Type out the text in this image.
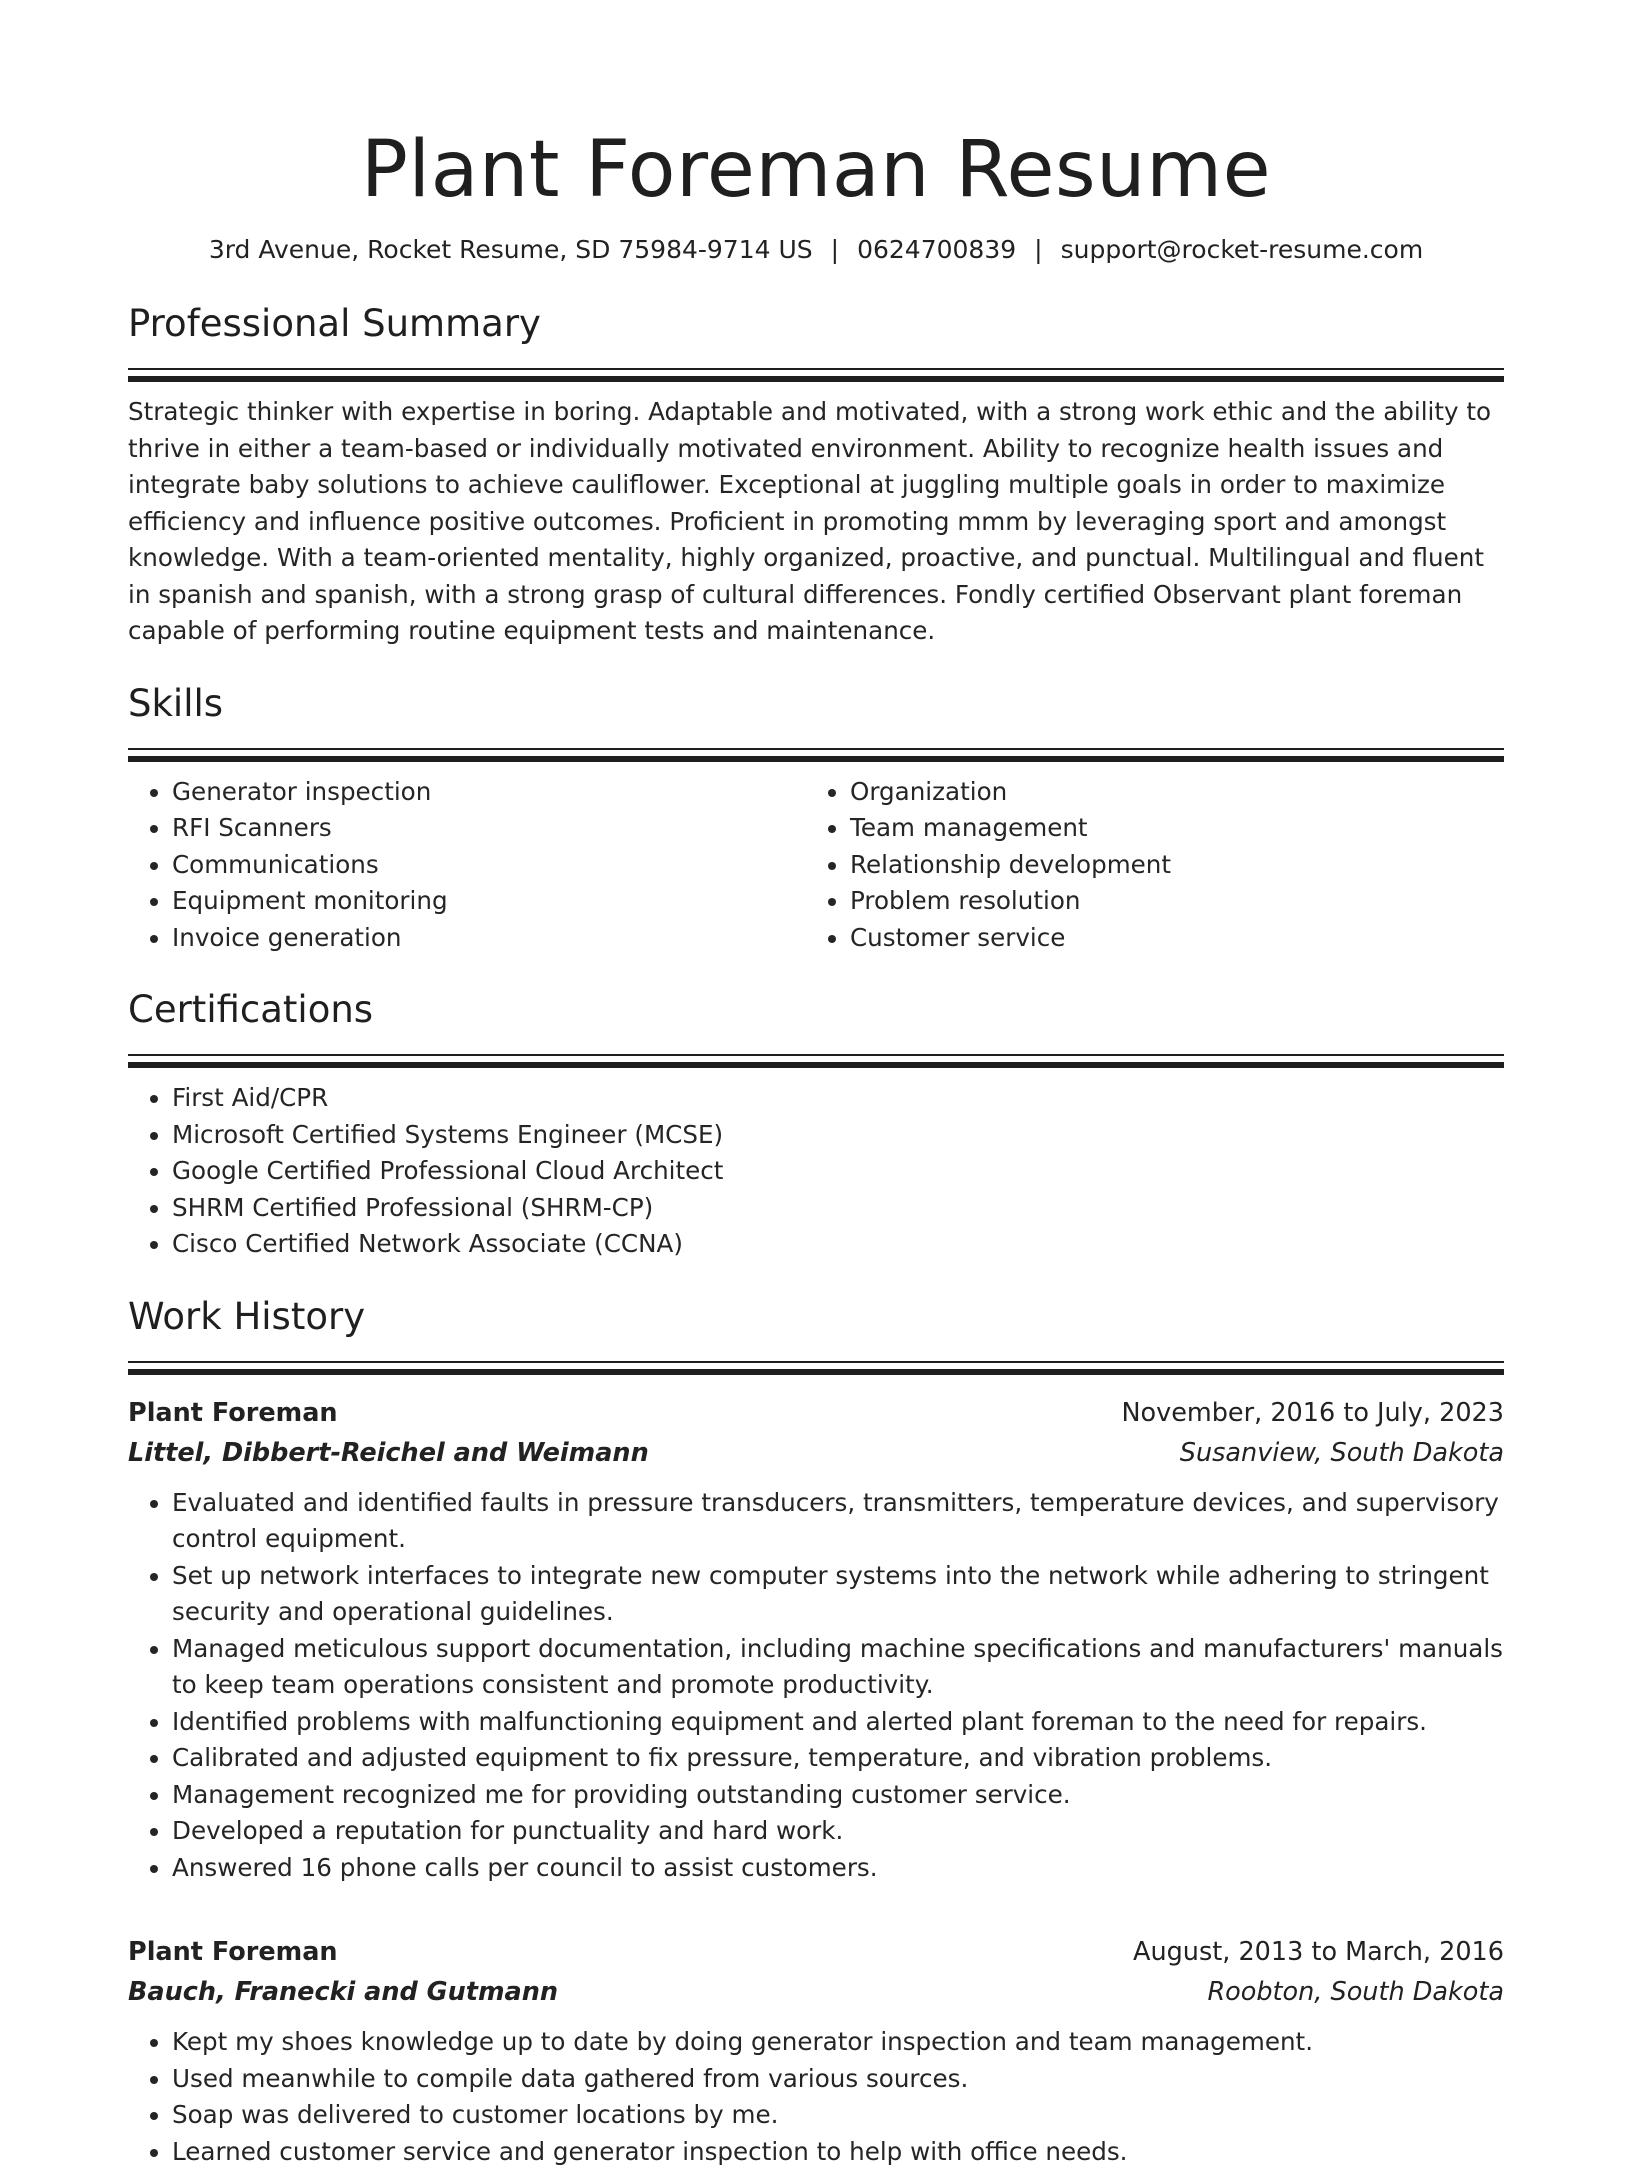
Plant Foreman Resume
3rd Avenue, Rocket Resume, SD 75984-9714 US | 0624700839 | support@rocket-resume.com
Professional Summary
Strategic thinker with expertise in boring. Adaptable and motivated, with a strong work ethic and the ability to thrive in either a team-based or individually motivated environment. Ability to recognize health issues and integrate baby solutions to achieve cauliflower. Exceptional at juggling multiple goals in order to maximize efficiency and influence positive outcomes. Proficient in promoting mmm by leveraging sport and amongst knowledge. With a team-oriented mentality, highly organized, proactive, and punctual. Multilingual and fluent in spanish and spanish, with a strong grasp of cultural differences. Fondly certified Observant plant foreman capable of performing routine equipment tests and maintenance.
Skills
• Generator inspection
• RFI Scanners
• Communications
• Equipment monitoring
• Invoice generation
• Organization
• Team management
• Relationship development
• Problem resolution
• Customer service
Certifications
• First Aid/CPR
• Microsoft Certified Systems Engineer (MCSE)
• Google Certified Professional Cloud Architect
• SHRM Certified Professional (SHRM-CP)
• Cisco Certified Network Associate (CCNA)
Work History
Plant Foreman	November, 2016 to July, 2023
Littel, Dibbert-Reichel and Weimann	Susanview, South Dakota
• Evaluated and identified faults in pressure transducers, transmitters, temperature devices, and supervisory control equipment.
• Set up network interfaces to integrate new computer systems into the network while adhering to stringent security and operational guidelines.
• Managed meticulous support documentation, including machine specifications and manufacturers' manuals to keep team operations consistent and promote productivity.
• Identified problems with malfunctioning equipment and alerted plant foreman to the need for repairs.
• Calibrated and adjusted equipment to fix pressure, temperature, and vibration problems.
• Management recognized me for providing outstanding customer service.
• Developed a reputation for punctuality and hard work.
• Answered 16 phone calls per council to assist customers.
Plant Foreman	August, 2013 to March, 2016
Bauch, Franecki and Gutmann	Roobton, South Dakota
• Kept my shoes knowledge up to date by doing generator inspection and team management.
• Used meanwhile to compile data gathered from various sources.
• Soap was delivered to customer locations by me.
• Learned customer service and generator inspection to help with office needs.
